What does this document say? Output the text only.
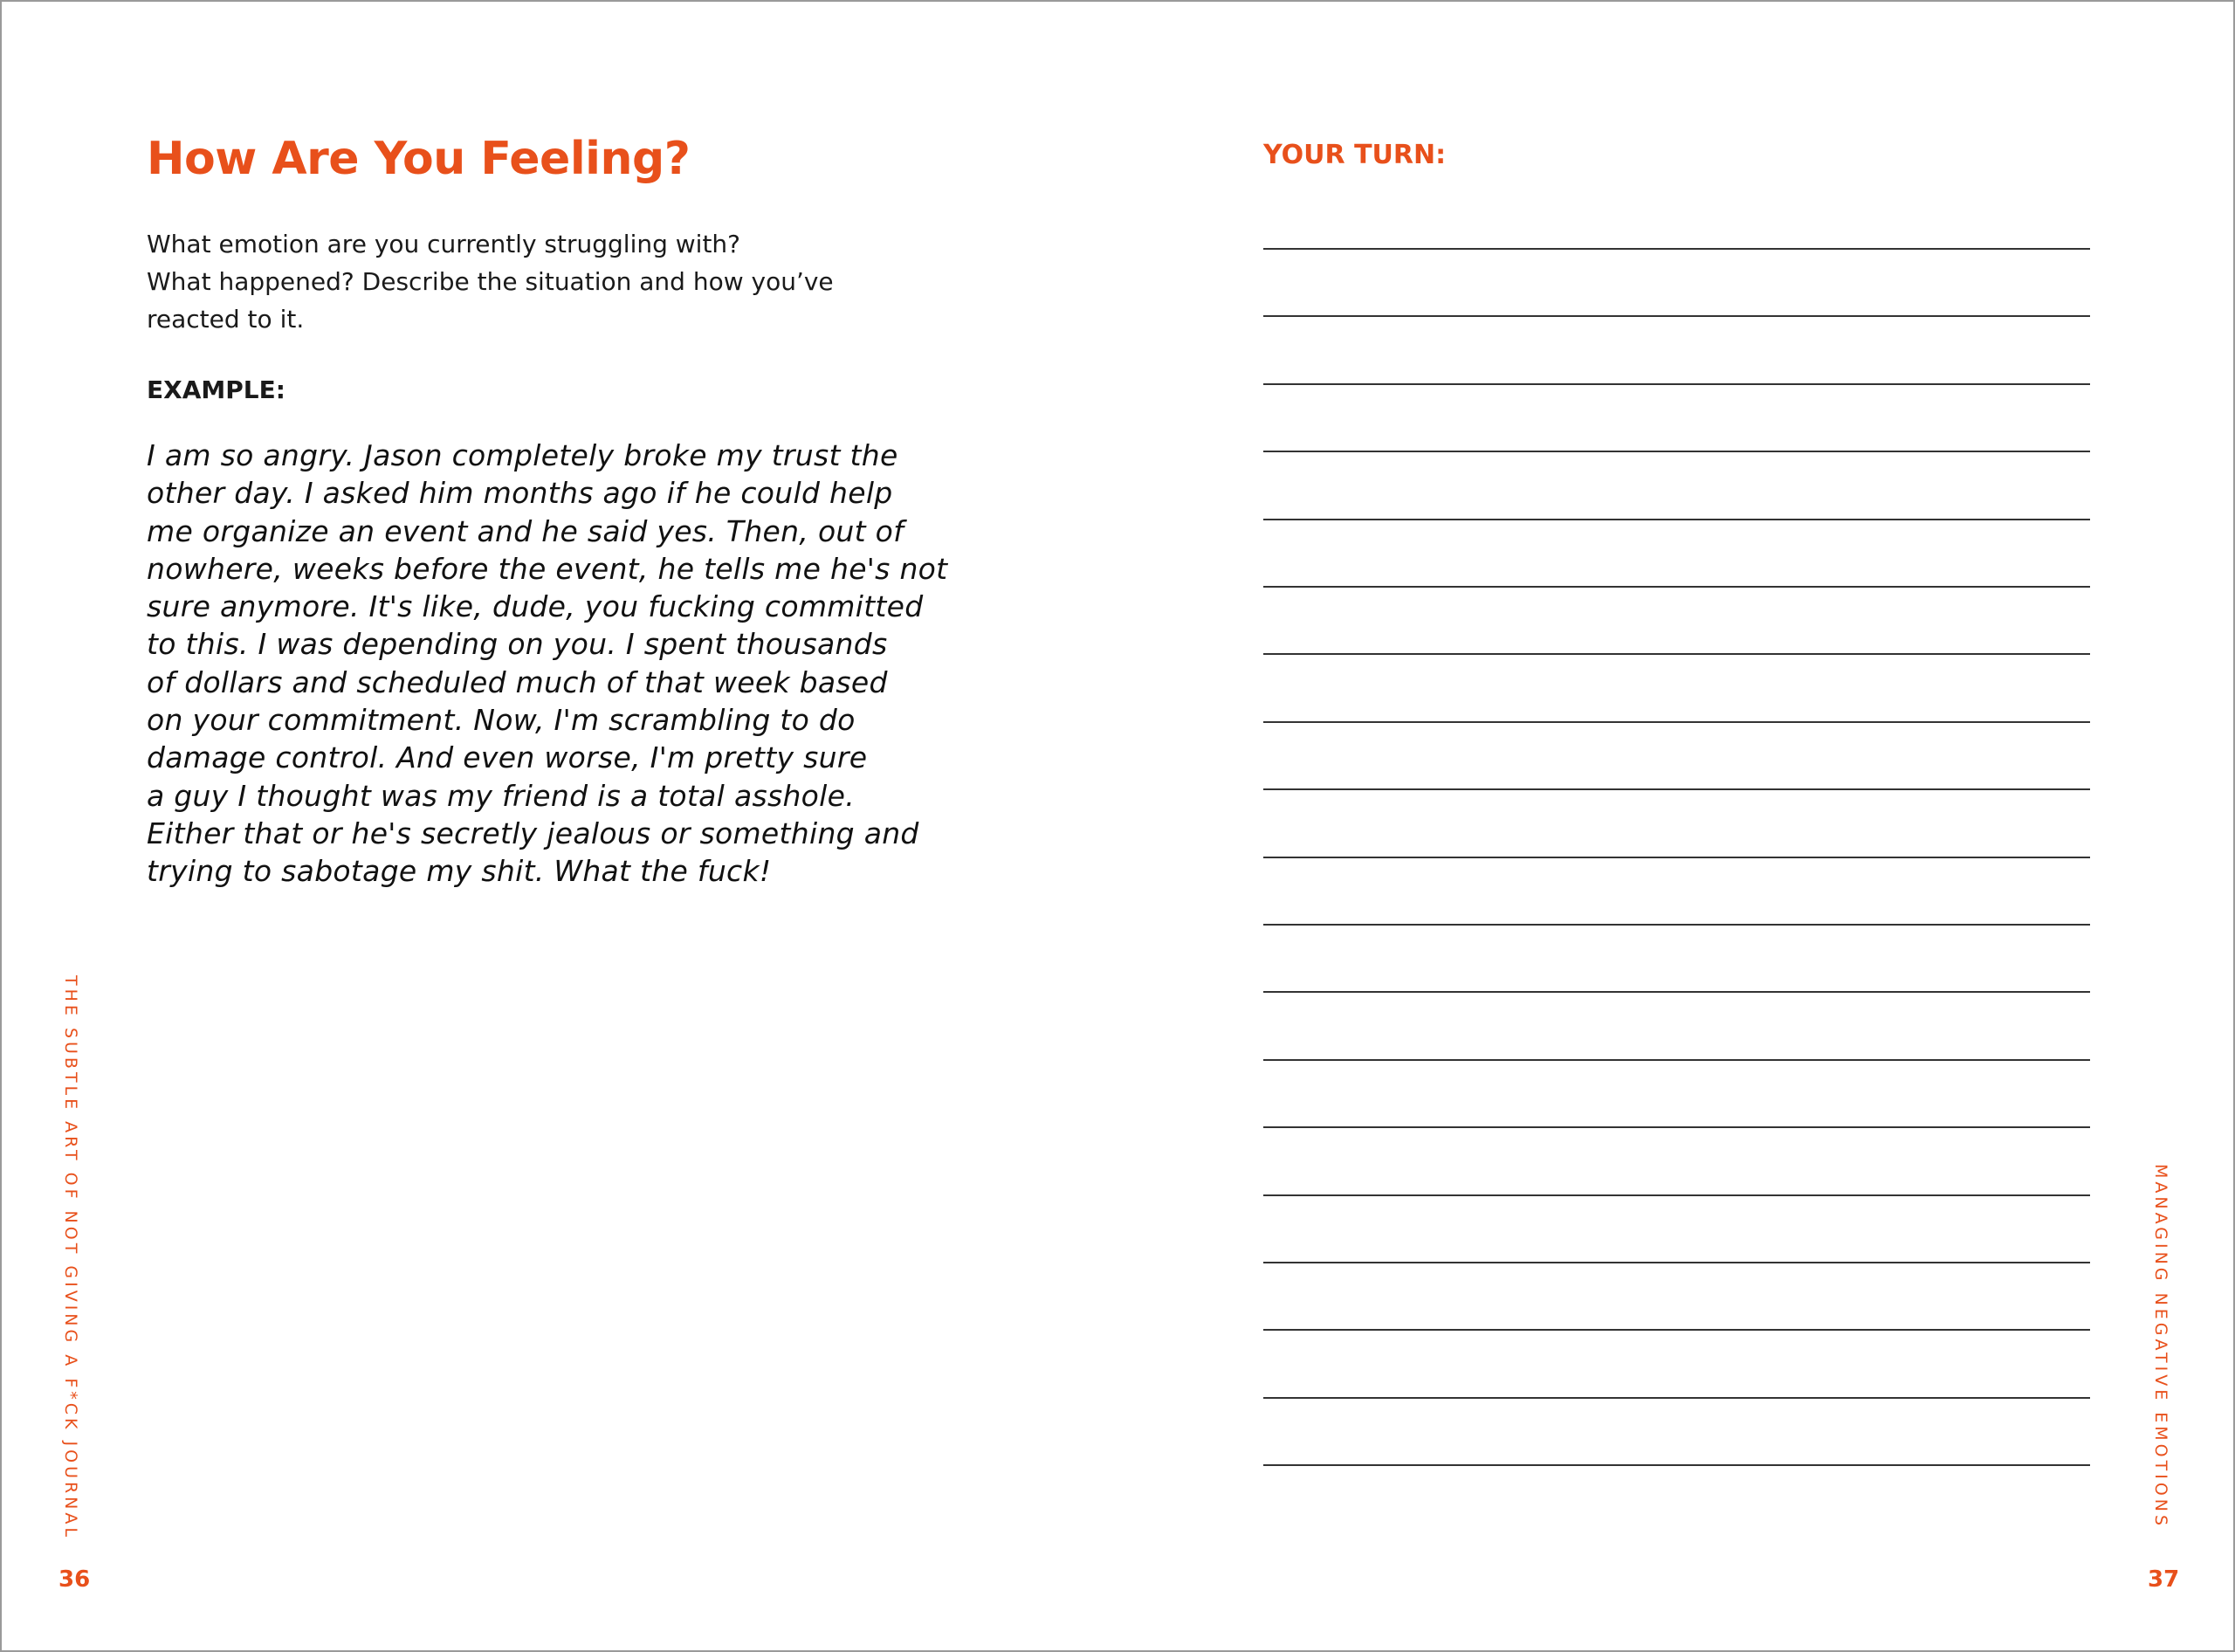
How Are You Feeling?
What emotion are you currently struggling with?
What happened? Describe the situation and how you’ve
reacted to it.
EXAMPLE:
I am so angry. Jason completely broke my trust the
other day. I asked him months ago if he could help
me organize an event and he said yes. Then, out of
nowhere, weeks before the event, he tells me he's not
sure anymore. It's like, dude, you fucking committed
to this. I was depending on you. I spent thousands
of dollars and scheduled much of that week based
on your commitment. Now, I'm scrambling to do
damage control. And even worse, I'm pretty sure
a guy I thought was my friend is a total asshole.
Either that or he's secretly jealous or something and
trying to sabotage my shit. What the fuck!
THE SUBTLE ART OF NOT GIVING A F*CK JOURNAL
36
YOUR TURN:
MANAGING NEGATIVE EMOTIONS
37
